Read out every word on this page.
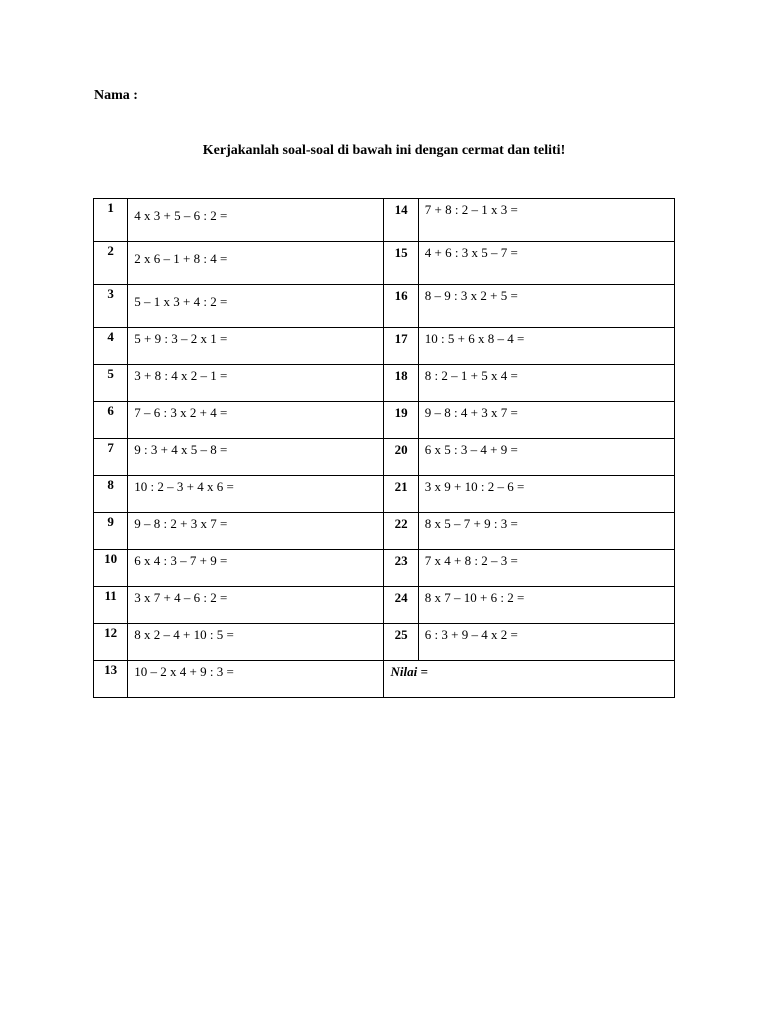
Nama :
Kerjakanlah soal-soal di bawah ini dengan cermat dan teliti!
1	4 x 3 + 5 – 6 : 2 =	14	7 + 8 : 2 – 1 x 3 =
2	2 x 6 – 1 + 8 : 4 =	15	4 + 6 : 3 x 5 – 7 =
3	5 – 1 x 3 + 4 : 2 =	16	8 – 9 : 3 x 2 + 5 =
4	5 + 9 : 3 – 2 x 1 =	17	10 : 5 + 6 x 8 – 4 =
5	3 + 8 : 4 x 2 – 1 =	18	8 : 2 – 1 + 5 x 4 =
6	7 – 6 : 3 x 2 + 4 =	19	9 – 8 : 4 + 3 x 7 =
7	9 : 3 + 4 x 5 – 8 =	20	6 x 5 : 3 – 4 + 9 =
8	10 : 2 – 3 + 4 x 6 =	21	3 x 9 + 10 : 2 – 6 =
9	9 – 8 : 2 + 3 x 7 =	22	8 x 5 – 7 + 9 : 3 =
10	6 x 4 : 3 – 7 + 9 =	23	7 x 4 + 8 : 2 – 3 =
11	3 x 7 + 4 – 6 : 2 =	24	8 x 7 – 10 + 6 : 2 =
12	8 x 2 – 4 + 10 : 5 =	25	6 : 3 + 9 – 4 x 2 =
13	10 – 2 x 4 + 9 : 3 =	Nilai =	
